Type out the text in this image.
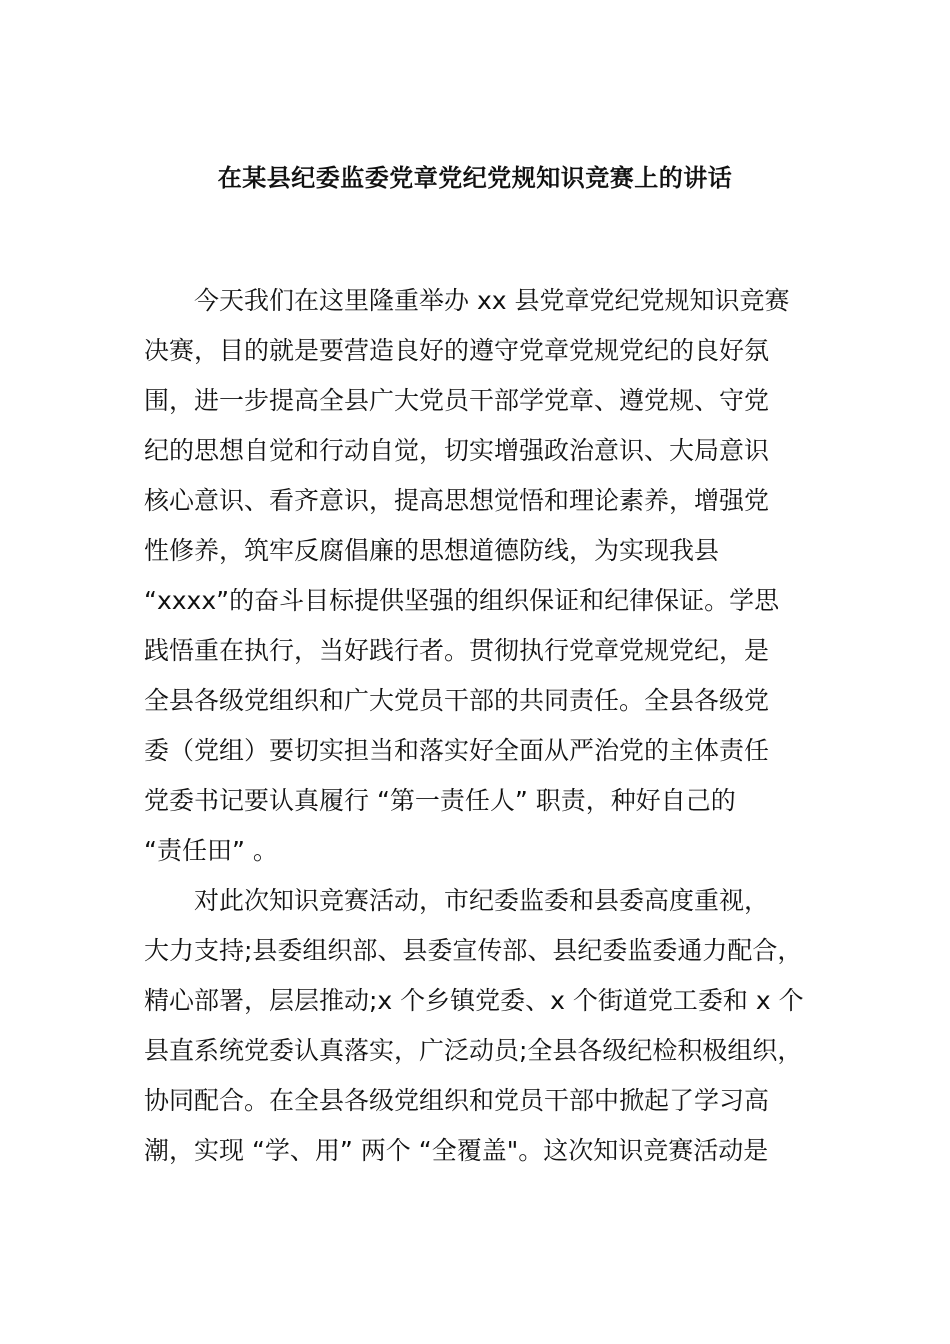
在某县纪委监委党章党纪党规知识竞赛上的讲话
今天我们在这里隆重举办 xx 县党章党纪党规知识竞赛
决赛，目的就是要营造良好的遵守党章党规党纪的良好氛
围，进一步提高全县广大党员干部学党章、遵党规、守党
纪的思想自觉和行动自觉，切实增强政治意识、大局意识
核心意识、看齐意识，提高思想觉悟和理论素养，增强党
性修养，筑牢反腐倡廉的思想道德防线，为实现我县
“xxxx”的奋斗目标提供坚强的组织保证和纪律保证。学思
践悟重在执行，当好践行者。贯彻执行党章党规党纪，是
全县各级党组织和广大党员干部的共同责任。全县各级党
委（党组）要切实担当和落实好全面从严治党的主体责任
党委书记要认真履行 “第一责任人” 职责，种好自己的
“责任田” 。
对此次知识竞赛活动，市纪委监委和县委高度重视，
大力支持;县委组织部、县委宣传部、县纪委监委通力配合，
精心部署，层层推动;x 个乡镇党委、x 个街道党工委和 x 个
县直系统党委认真落实，广泛动员;全县各级纪检积极组织，
协同配合。在全县各级党组织和党员干部中掀起了学习高
潮，实现 “学、用” 两个 “全覆盖"。这次知识竞赛活动是
